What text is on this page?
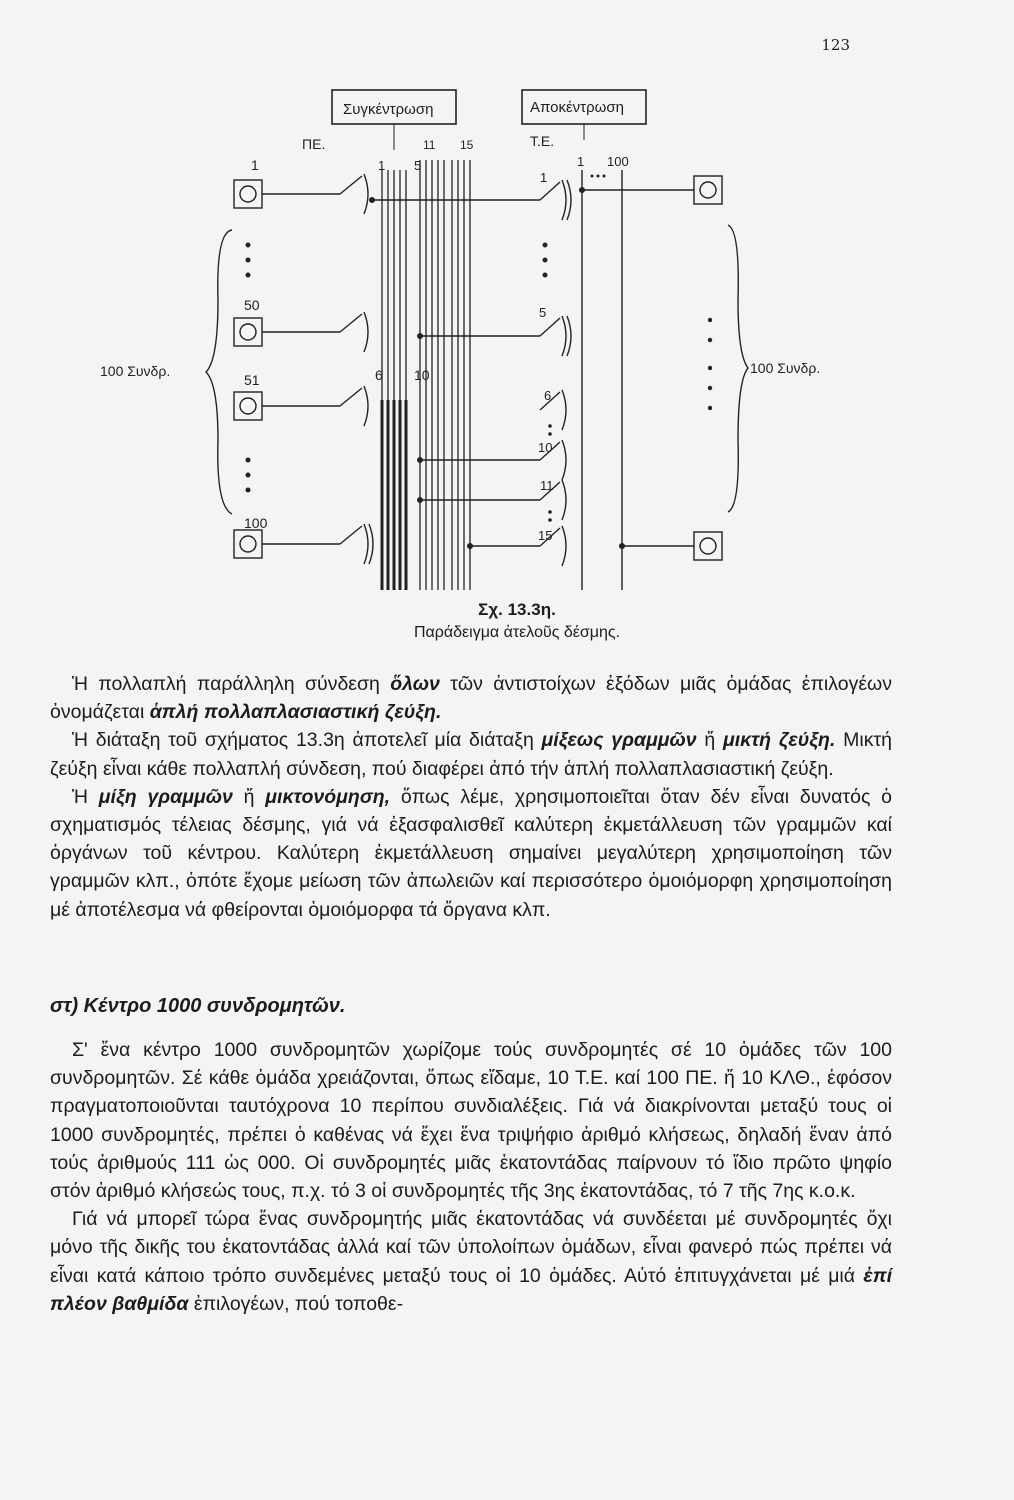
123
Συγκέντρωση	Αποκέντρωση
ΠΕ.	Τ.Ε.
11 15
1 5	1 100
1
50
51
100
6 10
1
5
6
10
11
15
100 Συνδρ.	100 Συνδρ.
Σχ. 13.3η.
Παράδειγμα ἀτελοῦς δέσμης.

Ἡ πολλαπλή παράλληλη σύνδεση ὅλων τῶν ἀντιστοίχων ἐξόδων μιᾶς ὁμάδας ἐπιλογέων ὀνομάζεται ἁπλή πολλαπλασιαστική ζεύξη.

Ἡ διάταξη τοῦ σχήματος 13.3η ἀποτελεῖ μία διάταξη μίξεως γραμμῶν ἤ μικτή ζεύξη. Μικτή ζεύξη εἶναι κάθε πολλαπλή σύνδεση, πού διαφέρει ἀπό τήν ἁπλή πολλαπλασιαστική ζεύξη.

Ἡ μίξη γραμμῶν ἤ μικτονόμηση, ὅπως λέμε, χρησιμοποιεῖται ὅταν δέν εἶναι δυνατός ὁ σχηματισμός τέλειας δέσμης, γιά νά ἐξασφαλισθεῖ καλύτερη ἐκμετάλλευση τῶν γραμμῶν καί ὀργάνων τοῦ κέντρου. Καλύτερη ἐκμετάλλευση σημαίνει μεγαλύτερη χρησιμοποίηση τῶν γραμμῶν κλπ., ὁπότε ἔχομε μείωση τῶν ἀπωλειῶν καί περισσότερο ὁμοιόμορφη χρησιμοποίηση μέ ἀποτέλεσμα νά φθείρονται ὁμοιόμορφα τά ὄργανα κλπ.

στ) Κέντρο 1000 συνδρομητῶν.

Σ' ἕνα κέντρο 1000 συνδρομητῶν χωρίζομε τούς συνδρομητές σέ 10 ὁμάδες τῶν 100 συνδρομητῶν. Σέ κάθε ὁμάδα χρειάζονται, ὅπως εἴδαμε, 10 Τ.Ε. καί 100 ΠΕ. ἤ 10 ΚΛΘ., ἐφόσον πραγματοποιοῦνται ταυτόχρονα 10 περίπου συνδιαλέξεις. Γιά νά διακρίνονται μεταξύ τους οἱ 1000 συνδρομητές, πρέπει ὁ καθένας νά ἔχει ἕνα τριψήφιο ἀριθμό κλήσεως, δηλαδή ἕναν ἀπό τούς ἀριθμούς 111 ὡς 000. Οἱ συνδρομητές μιᾶς ἑκατοντάδας παίρνουν τό ἴδιο πρῶτο ψηφίο στόν ἀριθμό κλήσεώς τους, π.χ. τό 3 οἱ συνδρομητές τῆς 3ης ἑκατοντάδας, τό 7 τῆς 7ης κ.ο.κ.

Γιά νά μπορεῖ τώρα ἕνας συνδρομητής μιᾶς ἑκατοντάδας νά συνδέεται μέ συνδρομητές ὄχι μόνο τῆς δικῆς του ἑκατοντάδας ἀλλά καί τῶν ὑπολοίπων ὁμάδων, εἶναι φανερό πώς πρέπει νά εἶναι κατά κάποιο τρόπο συνδεμένες μεταξύ τους οἱ 10 ὁμάδες. Αὐτό ἐπιτυγχάνεται μέ μιά ἐπί πλέον βαθμίδα ἐπιλογέων, πού τοποθε-
